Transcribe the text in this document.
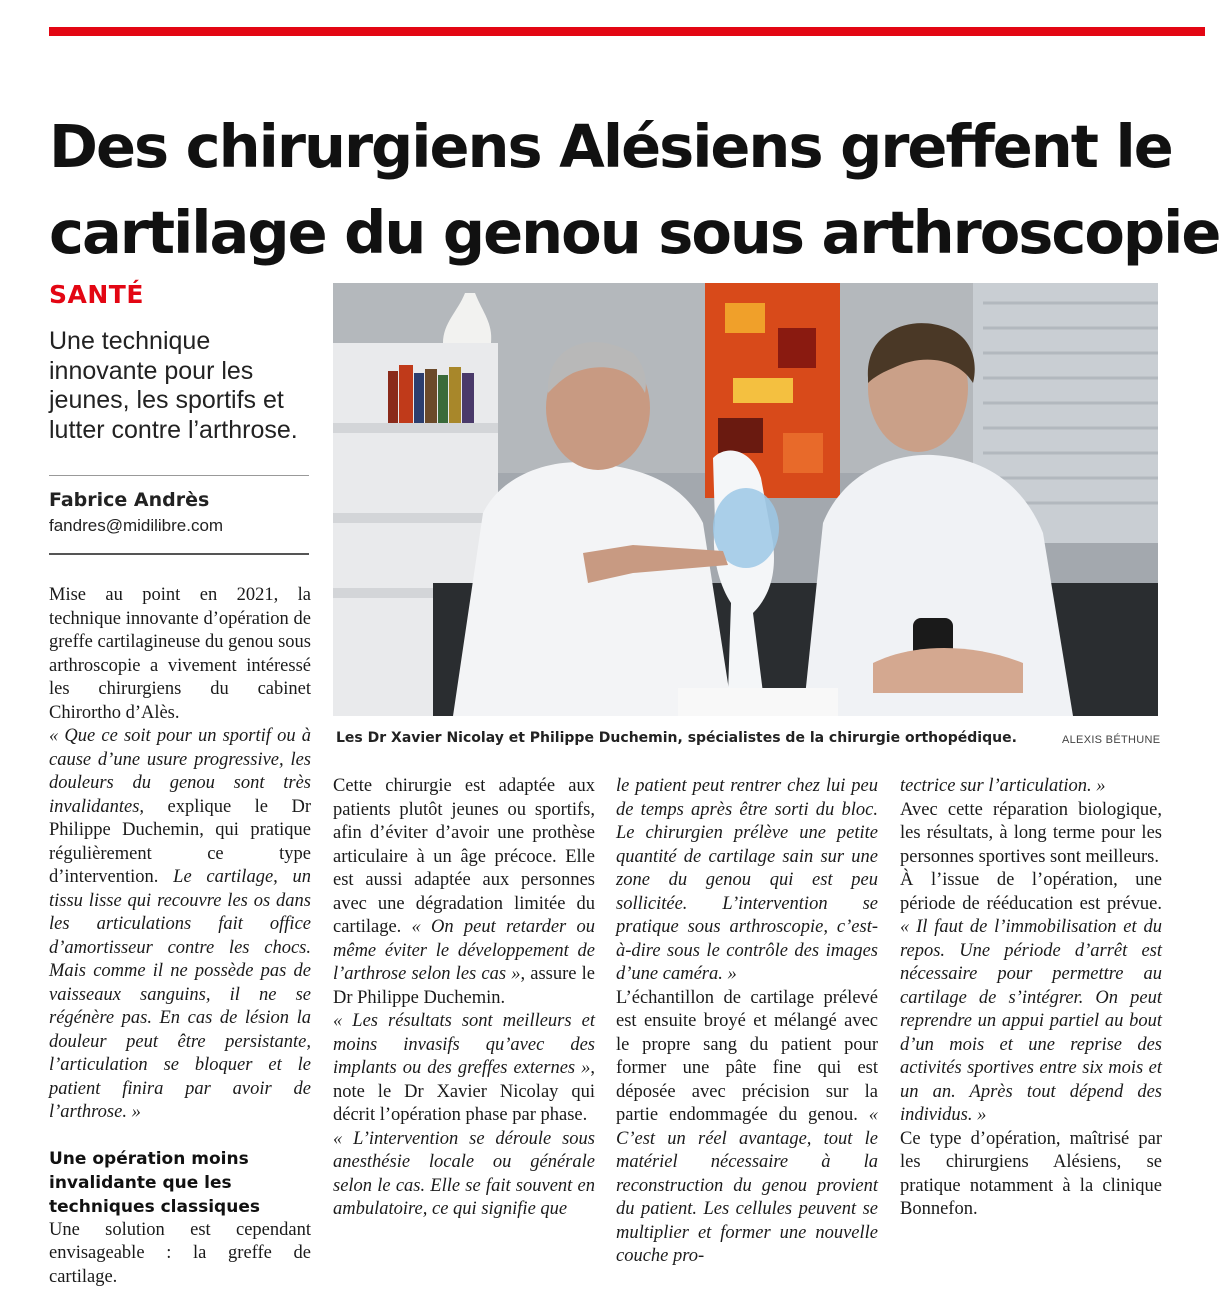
Des chirurgiens Alésiens greffent le
cartilage du genou sous arthroscopie
SANTÉ
Une technique innovante pour les jeunes, les sportifs et lutter contre l’arthrose.
Fabrice Andrès
fandres@midilibre.com
Les Dr Xavier Nicolay et Philippe Duchemin, spécialistes de la chirurgie orthopédique.	ALEXIS BÉTHUNE

Mise au point en 2021, la technique innovante d’opération de greffe cartilagineuse du genou sous arthroscopie a vivement intéressé les chirurgiens du cabinet Chirortho d’Alès.

« Que ce soit pour un sportif ou à cause d’une usure progressive, les douleurs du genou sont très invalidantes, explique le Dr Philippe Duchemin, qui pratique régulièrement ce type d’intervention. Le cartilage, un tissu lisse qui recouvre les os dans les articulations fait office d’amortisseur contre les chocs. Mais comme il ne possède pas de vaisseaux sanguins, il ne se régénère pas. En cas de lésion la douleur peut être persistante, l’articulation se bloquer et le patient finira par avoir de l’arthrose. »

Une opération moins invalidante que les techniques classiques

Une solution est cependant envisageable : la greffe de cartilage.

Cette chirurgie est adaptée aux patients plutôt jeunes ou sportifs, afin d’éviter d’avoir une prothèse articulaire à un âge précoce. Elle est aussi adaptée aux personnes avec une dégradation limitée du cartilage. « On peut retarder ou même éviter le développement de l’arthrose selon les cas », assure le Dr Philippe Duchemin.

« Les résultats sont meilleurs et moins invasifs qu’avec des implants ou des greffes externes », note le Dr Xavier Nicolay qui décrit l’opération phase par phase.

« L’intervention se déroule sous anesthésie locale ou générale selon le cas. Elle se fait souvent en ambulatoire, ce qui signifie que

le patient peut rentrer chez lui peu de temps après être sorti du bloc. Le chirurgien prélève une petite quantité de cartilage sain sur une zone du genou qui est peu sollicitée. L’intervention se pratique sous arthroscopie, c’est-à-dire sous le contrôle des images d’une caméra. »

L’échantillon de cartilage prélevé est ensuite broyé et mélangé avec le propre sang du patient pour former une pâte fine qui est déposée avec précision sur la partie endommagée du genou. « C’est un réel avantage, tout le matériel nécessaire à la reconstruction du genou provient du patient. Les cellules peuvent se multiplier et former une nouvelle couche pro-

tectrice sur l’articulation. »

Avec cette réparation biologique, les résultats, à long terme pour les personnes sportives sont meilleurs.

À l’issue de l’opération, une période de rééducation est prévue. « Il faut de l’immobilisation et du repos. Une période d’arrêt est nécessaire pour permettre au cartilage de s’intégrer. On peut reprendre un appui partiel au bout d’un mois et une reprise des activités sportives entre six mois et un an. Après tout dépend des individus. »

Ce type d’opération, maîtrisé par les chirurgiens Alésiens, se pratique notamment à la clinique Bonnefon.
